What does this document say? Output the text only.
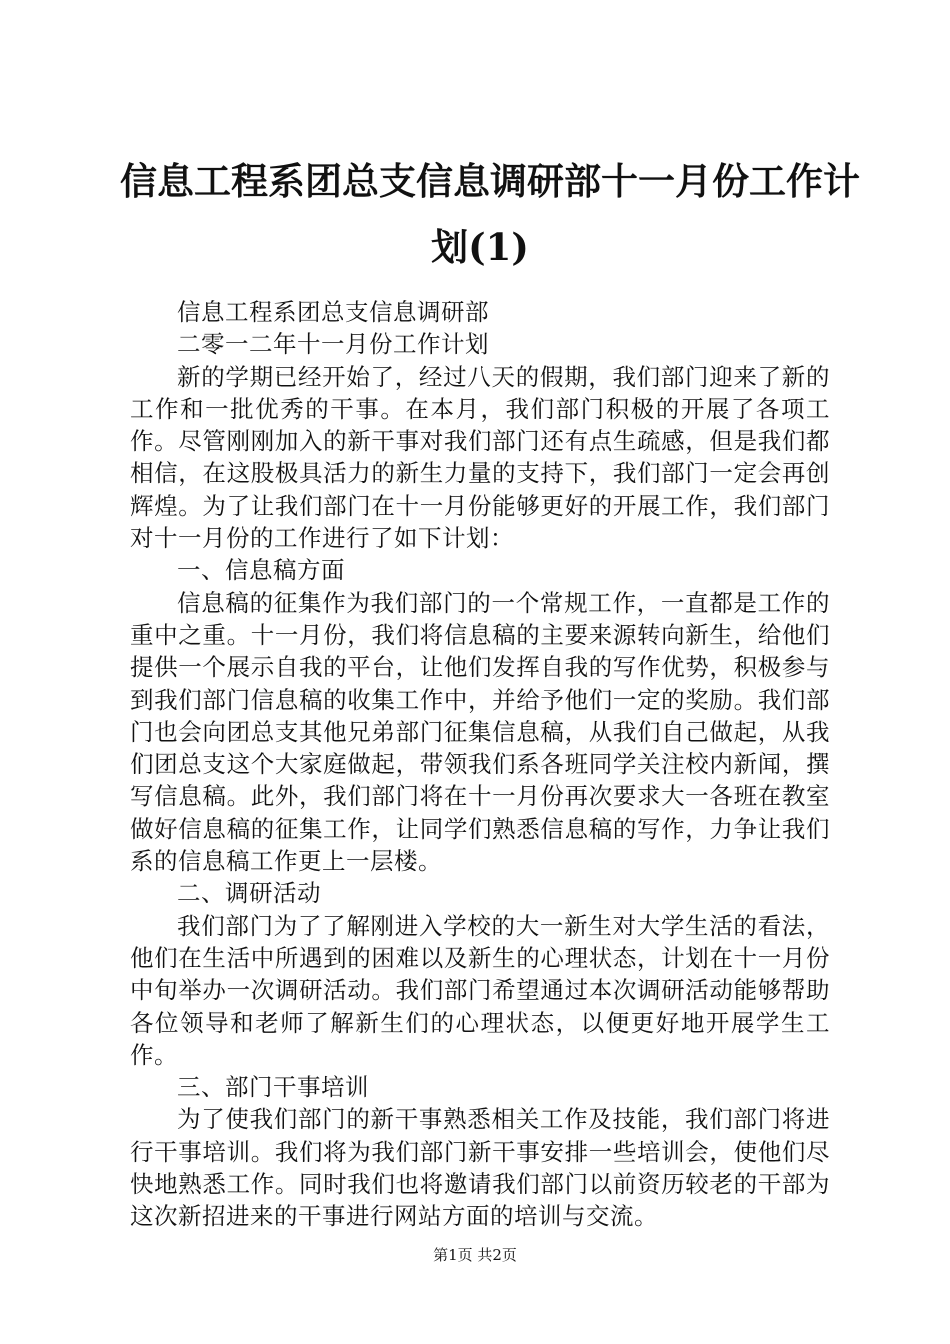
信息工程系团总支信息调研部十一月份工作计
划(1)

信息工程系团总支信息调研部

二零一二年十一月份工作计划

新的学期已经开始了，经过八天的假期，我们部门迎来了新的工作和一批优秀的干事。在本月，我们部门积极的开展了各项工作。尽管刚刚加入的新干事对我们部门还有点生疏感，但是我们都相信，在这股极具活力的新生力量的支持下，我们部门一定会再创辉煌。为了让我们部门在十一月份能够更好的开展工作，我们部门对十一月份的工作进行了如下计划：

一、信息稿方面

信息稿的征集作为我们部门的一个常规工作，一直都是工作的重中之重。十一月份，我们将信息稿的主要来源转向新生，给他们提供一个展示自我的平台，让他们发挥自我的写作优势，积极参与到我们部门信息稿的收集工作中，并给予他们一定的奖励。我们部门也会向团总支其他兄弟部门征集信息稿，从我们自己做起，从我们团总支这个大家庭做起，带领我们系各班同学关注校内新闻，撰写信息稿。此外，我们部门将在十一月份再次要求大一各班在教室做好信息稿的征集工作，让同学们熟悉信息稿的写作，力争让我们系的信息稿工作更上一层楼。

二、调研活动

我们部门为了了解刚进入学校的大一新生对大学生活的看法，他们在生活中所遇到的困难以及新生的心理状态，计划在十一月份中旬举办一次调研活动。我们部门希望通过本次调研活动能够帮助各位领导和老师了解新生们的心理状态，以便更好地开展学生工作。

三、部门干事培训

为了使我们部门的新干事熟悉相关工作及技能，我们部门将进行干事培训。我们将为我们部门新干事安排一些培训会，使他们尽快地熟悉工作。同时我们也将邀请我们部门以前资历较老的干部为这次新招进来的干事进行网站方面的培训与交流。

第1页 共2页
